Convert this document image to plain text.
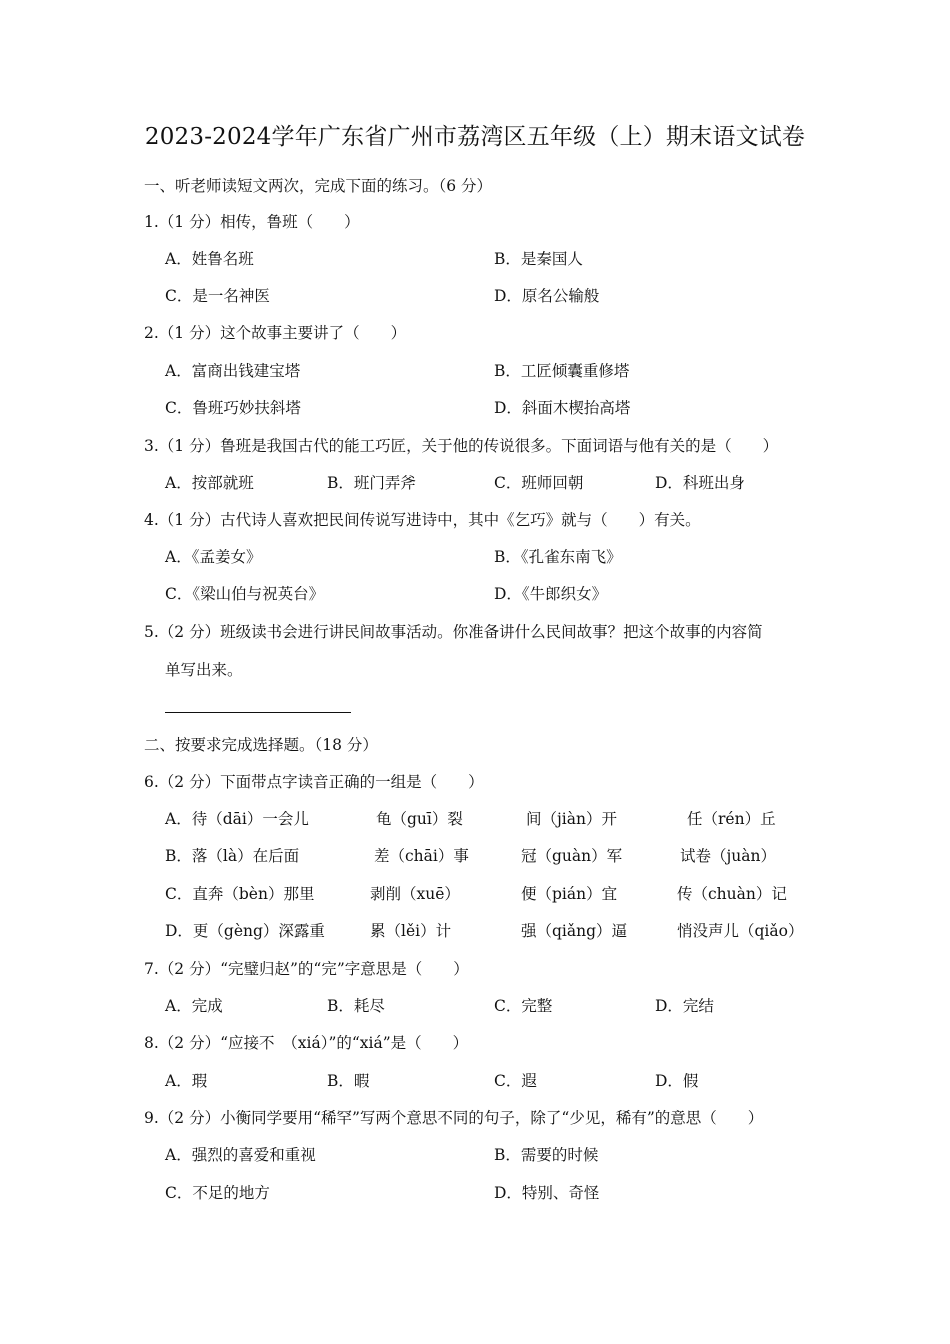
2023-2024学年广东省广州市荔湾区五年级（上）期末语文试卷
一、听老师读短文两次，完成下面的练习。（6 分）
1.（1 分）相传，鲁班（　　）
A．姓鲁名班	B．是秦国人
C．是一名神医	D．原名公输般
2.（1 分）这个故事主要讲了（　　）
A．富商出钱建宝塔	B．工匠倾囊重修塔
C．鲁班巧妙扶斜塔	D．斜面木楔抬高塔
3.（1 分）鲁班是我国古代的能工巧匠，关于他的传说很多。下面词语与他有关的是（　　）
A．按部就班	B．班门弄斧	C．班师回朝	D．科班出身
4.（1 分）古代诗人喜欢把民间传说写进诗中，其中《乞巧》就与（　　）有关。
A．《孟姜女》	B．《孔雀东南飞》
C．《梁山伯与祝英台》	D．《牛郎织女》
5.（2 分）班级读书会进行讲民间故事活动。你准备讲什么民间故事？把这个故事的内容简
单写出来。
二、按要求完成选择题。（18 分）
6.（2 分）下面带点字读音正确的一组是（　　）
A．待（dāi）一会儿	龟（guī）裂	间（jiàn）开	任（rén）丘
B．落（là）在后面	差（chāi）事	冠（guàn）军	试卷（juàn）
C．直奔（bèn）那里	剥削（xuē）	便（pián）宜	传（chuàn）记
D．更（gèng）深露重	累（lěi）计	强（qiǎng）逼	悄没声儿（qiǎo）
7.（2 分）“完璧归赵”的“完”字意思是（　　）
A．完成	B．耗尽	C．完整	D．完结
8.（2 分）“应接不　（xiá）”的“xiá”是（　　）
A．瑕	B．暇	C．遐	D．假
9.（2 分）小衡同学要用“稀罕”写两个意思不同的句子，除了“少见，稀有”的意思（　　）
A．强烈的喜爱和重视	B．需要的时候
C．不足的地方	D．特别、奇怪
